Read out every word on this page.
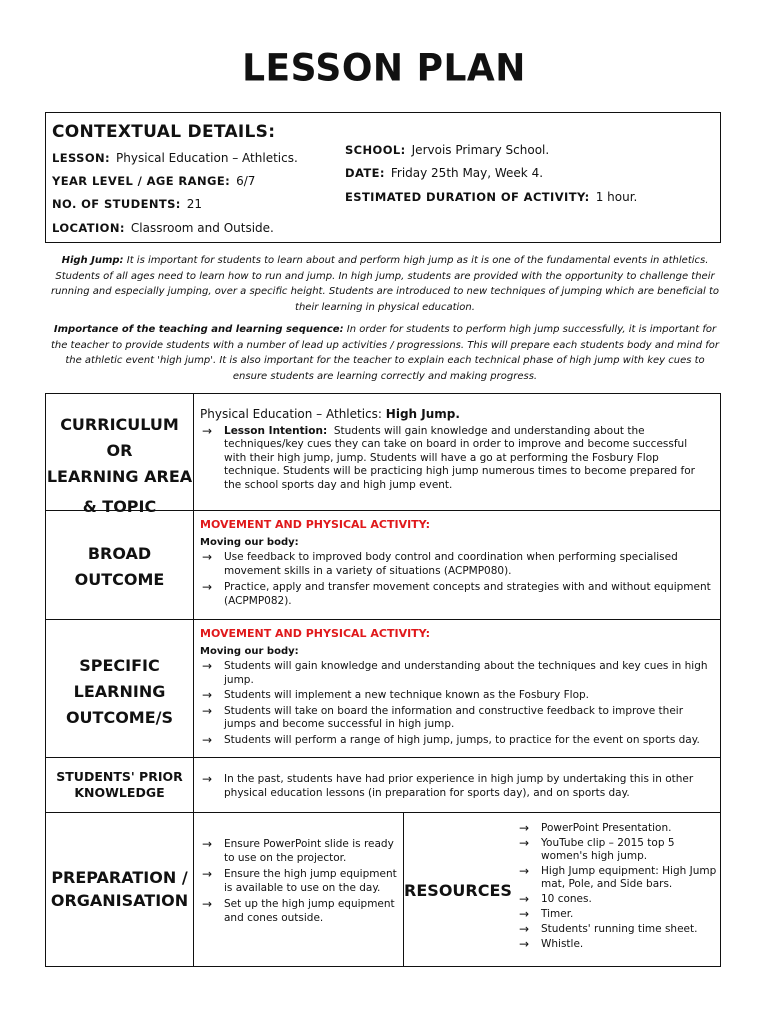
LESSON PLAN
CONTEXTUAL DETAILS:
LESSON: Physical Education – Athletics.
YEAR LEVEL / AGE RANGE: 6/7
NO. OF STUDENTS: 21
LOCATION: Classroom and Outside.
SCHOOL: Jervois Primary School.
DATE: Friday 25th May, Week 4.
ESTIMATED DURATION OF ACTIVITY: 1 hour.
High Jump: It is important for students to learn about and perform high jump as it is one of the fundamental events in athletics. Students of all ages need to learn how to run and jump. In high jump, students are provided with the opportunity to challenge their running and especially jumping, over a specific height. Students are introduced to new techniques of jumping which are beneficial to their learning in physical education.
Importance of the teaching and learning sequence: In order for students to perform high jump successfully, it is important for the teacher to provide students with a number of lead up activities / progressions. This will prepare each students body and mind for the athletic event 'high jump'. It is also important for the teacher to explain each technical phase of high jump with key cues to ensure students are learning correctly and making progress.
CURRICULUM OR
LEARNING AREA
& TOPIC
Physical Education – Athletics: High Jump.
→ Lesson Intention: Students will gain knowledge and understanding about the techniques/key cues they can take on board in order to improve and become successful with their high jump, jump. Students will have a go at performing the Fosbury Flop technique. Students will be practicing high jump numerous times to become prepared for the school sports day and high jump event.
BROAD
OUTCOME
MOVEMENT AND PHYSICAL ACTIVITY:
Moving our body:
→ Use feedback to improved body control and coordination when performing specialised movement skills in a variety of situations (ACPMP080).
→ Practice, apply and transfer movement concepts and strategies with and without equipment (ACPMP082).
SPECIFIC
LEARNING
OUTCOME/S
MOVEMENT AND PHYSICAL ACTIVITY:
Moving our body:
→ Students will gain knowledge and understanding about the techniques and key cues in high jump.
→ Students will implement a new technique known as the Fosbury Flop.
→ Students will take on board the information and constructive feedback to improve their jumps and become successful in high jump.
→ Students will perform a range of high jump, jumps, to practice for the event on sports day.
STUDENTS' PRIOR
KNOWLEDGE
→ In the past, students have had prior experience in high jump by undertaking this in other physical education lessons (in preparation for sports day), and on sports day.
PREPARATION /
ORGANISATION
→ Ensure PowerPoint slide is ready to use on the projector.
→ Ensure the high jump equipment is available to use on the day.
→ Set up the high jump equipment and cones outside.
RESOURCES
→ PowerPoint Presentation.
→ YouTube clip – 2015 top 5 women's high jump.
→ High Jump equipment: High Jump mat, Pole, and Side bars.
→ 10 cones.
→ Timer.
→ Students' running time sheet.
→ Whistle.
